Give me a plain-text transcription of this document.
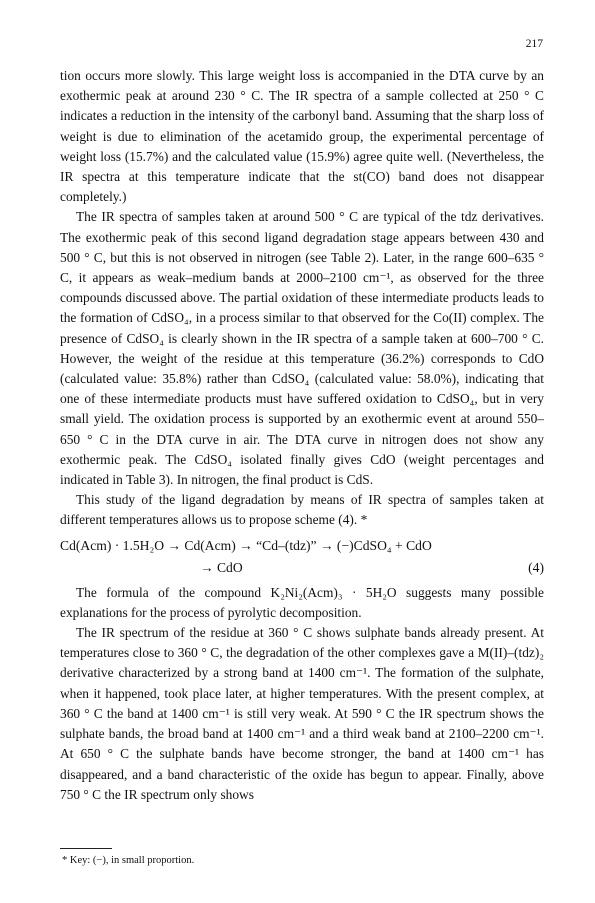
217

tion occurs more slowly. This large weight loss is accompanied in the DTA curve by an exothermic peak at around 230 ° C. The IR spectra of a sample collected at 250 ° C indicates a reduction in the intensity of the carbonyl band. Assuming that the sharp loss of weight is due to elimination of the acetamido group, the experimental percentage of weight loss (15.7%) and the calculated value (15.9%) agree quite well. (Nevertheless, the IR spectra at this temperature indicate that the st(CO) band does not disappear completely.)

The IR spectra of samples taken at around 500 ° C are typical of the tdz derivatives. The exothermic peak of this second ligand degradation stage appears between 430 and 500 ° C, but this is not observed in nitrogen (see Table 2). Later, in the range 600–635 ° C, it appears as weak–medium bands at 2000–2100 cm⁻¹, as observed for the three compounds discussed above. The partial oxidation of these intermediate products leads to the formation of CdSO₄, in a process similar to that observed for the Co(II) complex. The presence of CdSO₄ is clearly shown in the IR spectra of a sample taken at 600–700 ° C. However, the weight of the residue at this temperature (36.2%) corresponds to CdO (calculated value: 35.8%) rather than CdSO₄ (calculated value: 58.0%), indicating that one of these intermediate products must have suffered oxidation to CdSO₄, but in very small yield. The oxidation process is supported by an exothermic event at around 550–650 ° C in the DTA curve in air. The DTA curve in nitrogen does not show any exothermic peak. The CdSO₄ isolated finally gives CdO (weight percentages and indicated in Table 3). In nitrogen, the final product is CdS.

This study of the ligand degradation by means of IR spectra of samples taken at different temperatures allows us to propose scheme (4). *

Cd(Acm) · 1.5H₂O → Cd(Acm) → “Cd–(tdz)” → (−)CdSO₄ + CdO
→ CdO	(4)

The formula of the compound K₂Ni₂(Acm)₃ · 5H₂O suggests many possible explanations for the process of pyrolytic decomposition.

The IR spectrum of the residue at 360 ° C shows sulphate bands already present. At temperatures close to 360 ° C, the degradation of the other complexes gave a M(II)–(tdz)₂ derivative characterized by a strong band at 1400 cm⁻¹. The formation of the sulphate, when it happened, took place later, at higher temperatures. With the present complex, at 360 ° C the band at 1400 cm⁻¹ is still very weak. At 590 ° C the IR spectrum shows the sulphate bands, the broad band at 1400 cm⁻¹ and a third weak band at 2100–2200 cm⁻¹. At 650 ° C the sulphate bands have become stronger, the band at 1400 cm⁻¹ has disappeared, and a band characteristic of the oxide has begun to appear. Finally, above 750 ° C the IR spectrum only shows

* Key: (−), in small proportion.
